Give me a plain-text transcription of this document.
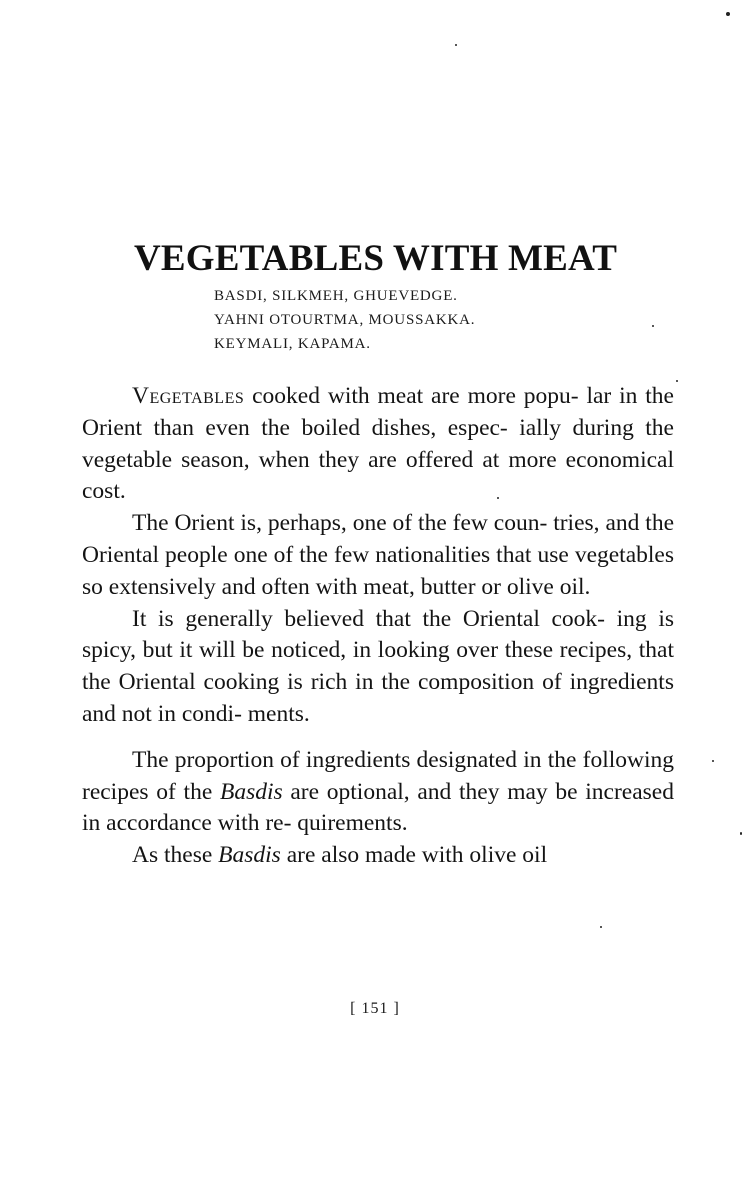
VEGETABLES WITH MEAT
BASDI, SILKMEH, GHUEVEDGE.
YAHNI OTOURTMA, MOUSSAKKA.
KEYMALI, KAPAMA.

Vegetables cooked with meat are more popu- lar in the Orient than even the boiled dishes, espec- ially during the vegetable season, when they are offered at more economical cost.

The Orient is, perhaps, one of the few coun- tries, and the Oriental people one of the few nationalities that use vegetables so extensively and often with meat, butter or olive oil.

It is generally believed that the Oriental cook- ing is spicy, but it will be noticed, in looking over these recipes, that the Oriental cooking is rich in the composition of ingredients and not in condi- ments.

The proportion of ingredients designated in the following recipes of the Basdis are optional, and they may be increased in accordance with re- quirements.

As these Basdis are also made with olive oil

[ 151 ]
